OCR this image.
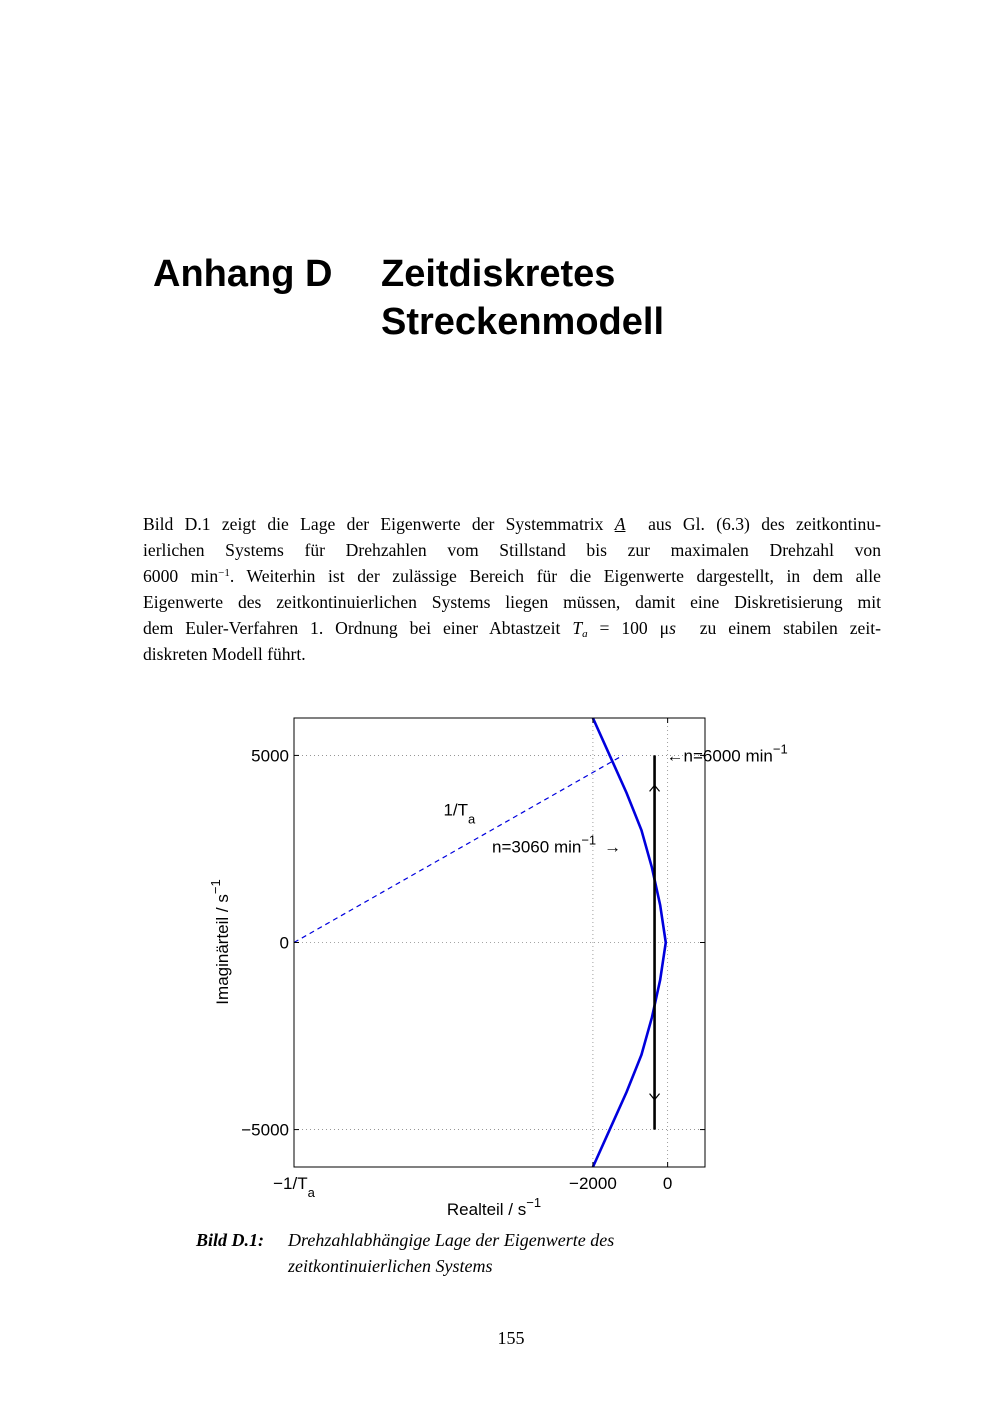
Anhang D Zeitdiskretes
Streckenmodell
Bild D.1 zeigt die Lage der Eigenwerte der Systemmatrix A aus Gl. (6.3) des zeitkontinu-
ierlichen Systems für Drehzahlen vom Stillstand bis zur maximalen Drehzahl von
6000 $\min^{-1}$. Weiterhin ist der zulässige Bereich für die Eigenwerte dargestellt, in dem alle
Eigenwerte des zeitkontinuierlichen Systems liegen müssen, damit eine Diskretisierung mit
dem Euler-Verfahren 1. Ordnung bei einer Abtastzeit $T_a = 100$ μs zu einem stabilen zeit-
diskreten Modell führt.
$-1/T_a$	−2000	0
5000
0
−5000
$1/T_a$
n=3060 $\min^{-1}$ →
←n=6000 $\min^{-1}$
Realteil / $s^{-1}$
Imaginärteil / $s^{-1}$
Bild D.1: Drehzahlabhängige Lage der Eigenwerte des
zeitkontinuierlichen Systems
155
